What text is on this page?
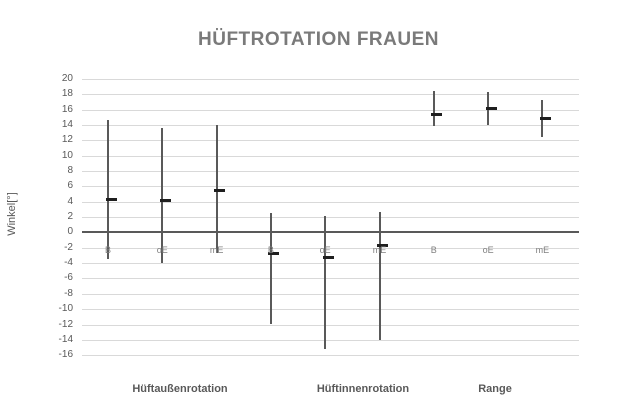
HÜFTROTATION FRAUEN
Winkel[°]
20
18
16
14
12
10
8
6
4
2
0
-2
-4
-6
-8
-10
-12
-14
-16
B	oE	mE
Hüftaußenrotation
B	oE	mE
Hüftinnenrotation
B	oE	mE
Range
